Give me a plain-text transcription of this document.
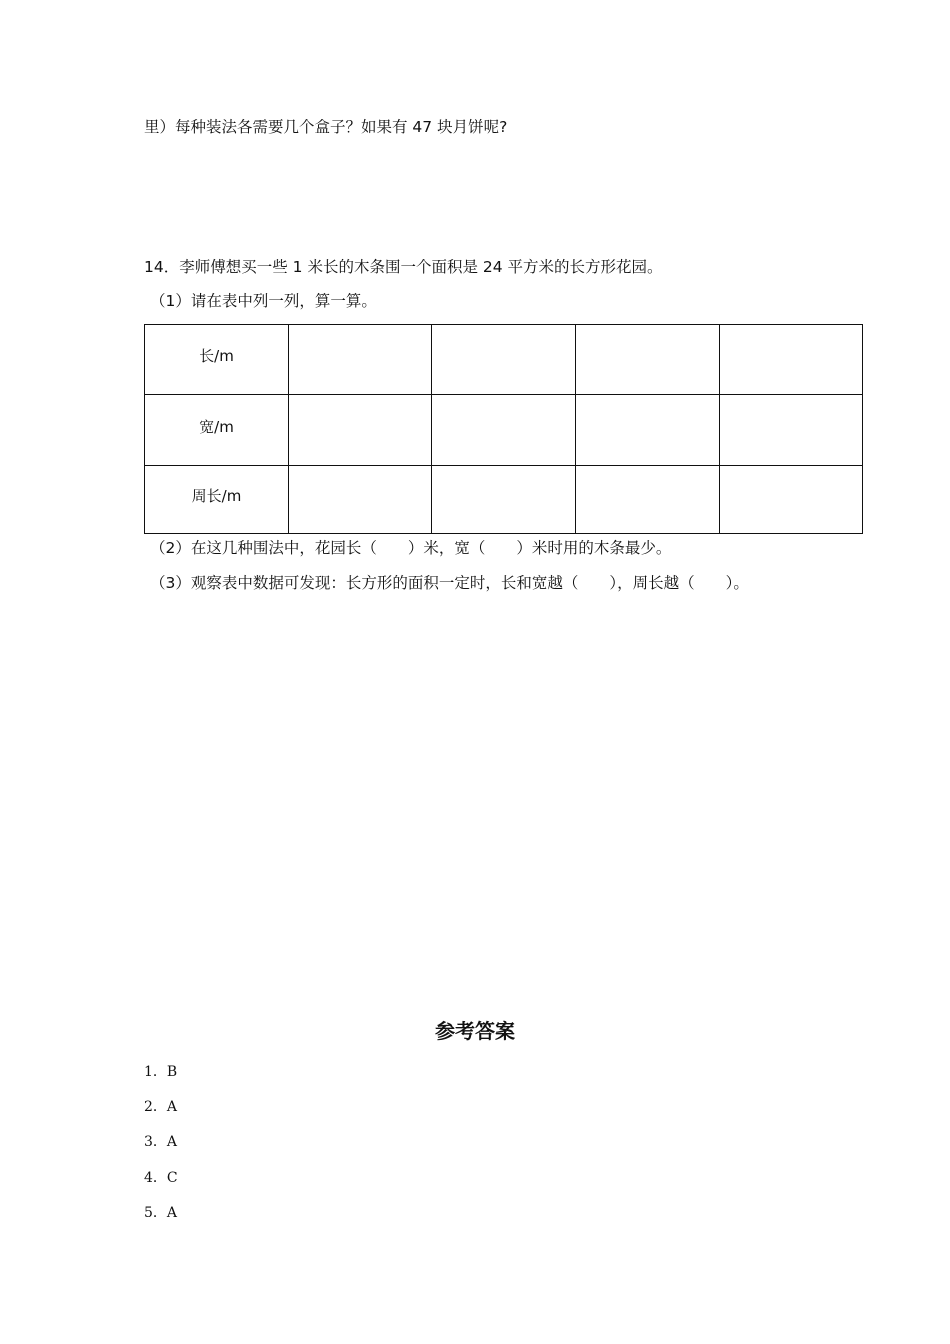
里）每种装法各需要几个盒子？如果有 47 块月饼呢?
14．李师傅想买一些 1 米长的木条围一个面积是 24 平方米的长方形花园。
（1）请在表中列一列，算一算。
长/m				
宽/m				
周长/m				
（2）在这几种围法中，花园长（　　）米，宽（　　）米时用的木条最少。
（3）观察表中数据可发现：长方形的面积一定时，长和宽越（　　），周长越（　　）。
参考答案
1．B
2．A
3．A
4．C
5．A
